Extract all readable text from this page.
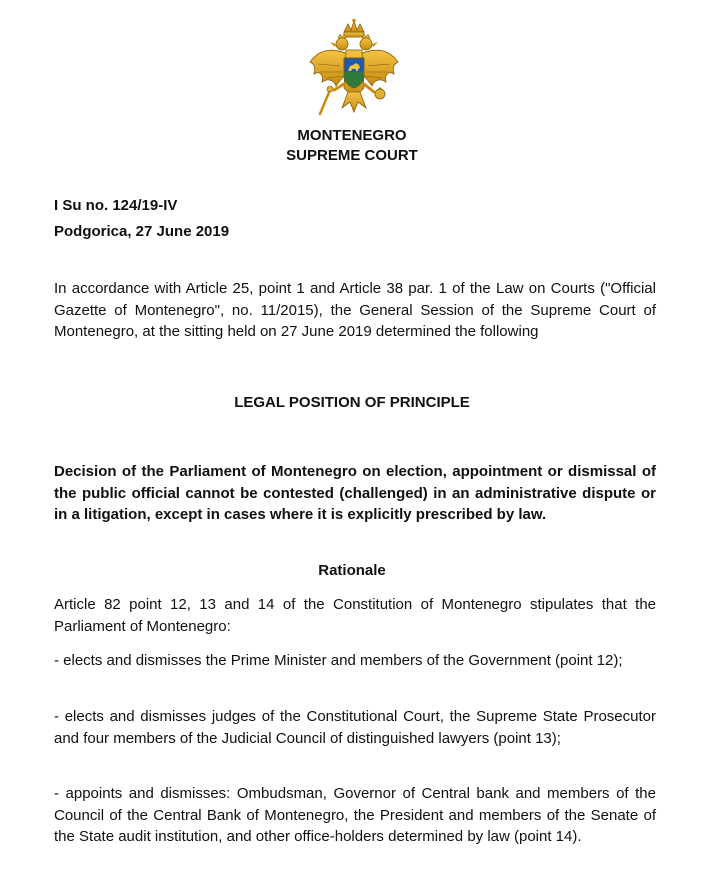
MONTENEGRO
SUPREME COURT
I Su no. 124/19-IV
Podgorica, 27 June 2019
In accordance with Article 25, point 1 and Article 38 par. 1 of the Law on Courts ("Official Gazette of Montenegro", no. 11/2015), the General Session of the Supreme Court of Montenegro, at the sitting held on 27 June 2019 determined the following
LEGAL POSITION OF PRINCIPLE
Decision of the Parliament of Montenegro on election, appointment or dismissal of the public official cannot be contested (challenged) in an administrative dispute or in a litigation, except in cases where it is explicitly prescribed by law.
Rationale
Article 82 point 12, 13 and 14 of the Constitution of Montenegro stipulates that the Parliament of Montenegro:
- elects and dismisses the Prime Minister and members of the Government (point 12);
- elects and dismisses judges of the Constitutional Court, the Supreme State Prosecutor and four members of the Judicial Council of distinguished lawyers (point 13);
- appoints and dismisses: Ombudsman, Governor of Central bank and members of the Council of the Central Bank of Montenegro, the President and members of the Senate of the State audit institution, and other office-holders determined by law (point 14).
